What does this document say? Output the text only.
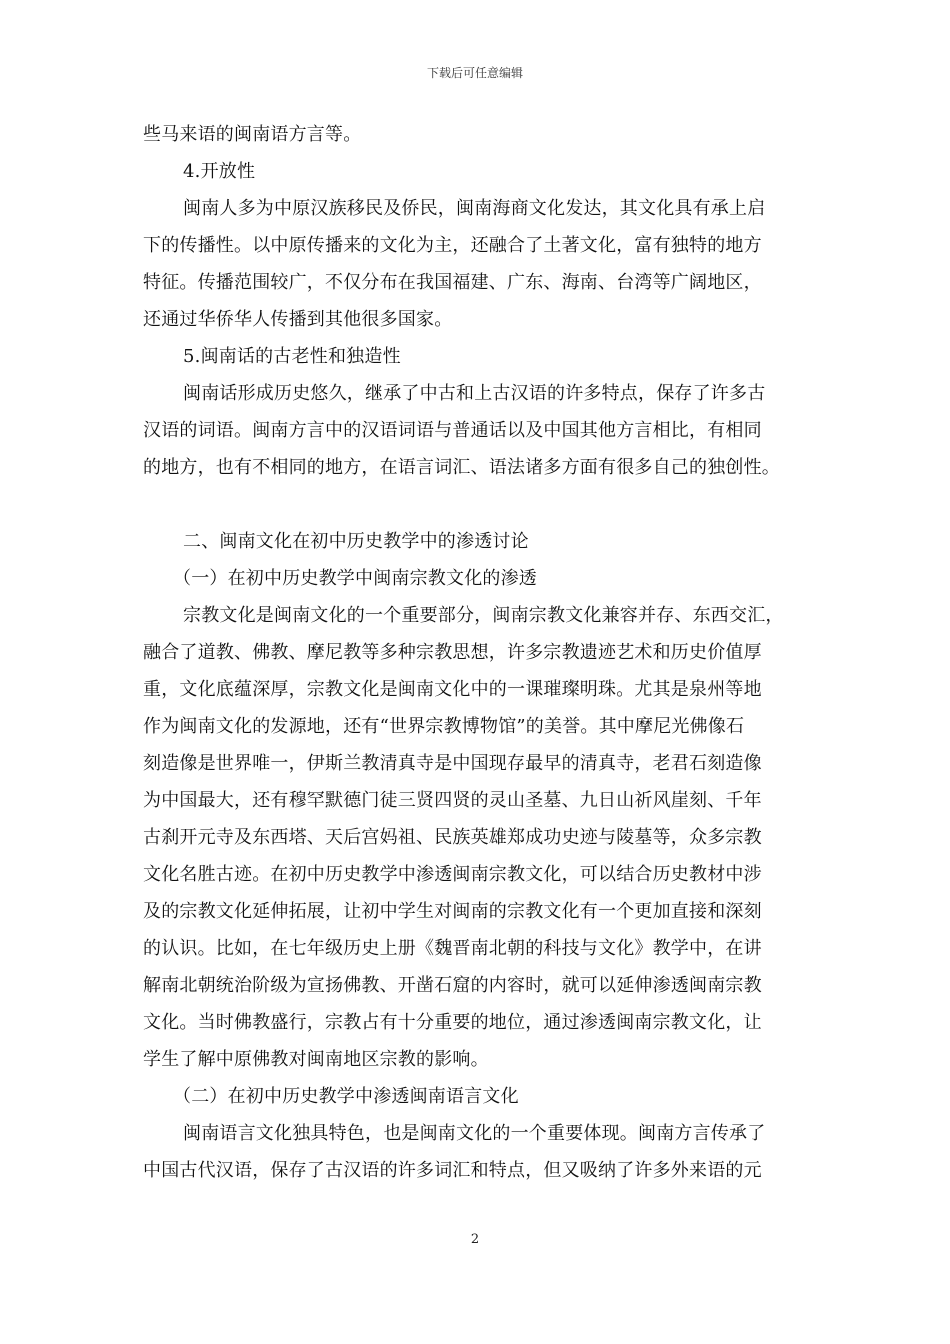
下载后可任意编辑
些马来语的闽南语方言等。
4.开放性
闽南人多为中原汉族移民及侨民，闽南海商文化发达，其文化具有承上启
下的传播性。以中原传播来的文化为主，还融合了土著文化，富有独特的地方
特征。传播范围较广，不仅分布在我国福建、广东、海南、台湾等广阔地区，
还通过华侨华人传播到其他很多国家。
5.闽南话的古老性和独造性
闽南话形成历史悠久，继承了中古和上古汉语的许多特点，保存了许多古
汉语的词语。闽南方言中的汉语词语与普通话以及中国其他方言相比，有相同
的地方，也有不相同的地方，在语言词汇、语法诸多方面有很多自己的独创性。
二、闽南文化在初中历史教学中的渗透讨论
（一）在初中历史教学中闽南宗教文化的渗透
宗教文化是闽南文化的一个重要部分，闽南宗教文化兼容并存、东西交汇，
融合了道教、佛教、摩尼教等多种宗教思想，许多宗教遗迹艺术和历史价值厚
重，文化底蕴深厚，宗教文化是闽南文化中的一课璀璨明珠。尤其是泉州等地
作为闽南文化的发源地，还有“世界宗教博物馆”的美誉。其中摩尼光佛像石
刻造像是世界唯一，伊斯兰教清真寺是中国现存最早的清真寺，老君石刻造像
为中国最大，还有穆罕默德门徒三贤四贤的灵山圣墓、九日山祈风崖刻、千年
古刹开元寺及东西塔、天后宫妈祖、民族英雄郑成功史迹与陵墓等，众多宗教
文化名胜古迹。在初中历史教学中渗透闽南宗教文化，可以结合历史教材中涉
及的宗教文化延伸拓展，让初中学生对闽南的宗教文化有一个更加直接和深刻
的认识。比如，在七年级历史上册《魏晋南北朝的科技与文化》教学中，在讲
解南北朝统治阶级为宣扬佛教、开凿石窟的内容时，就可以延伸渗透闽南宗教
文化。当时佛教盛行，宗教占有十分重要的地位，通过渗透闽南宗教文化，让
学生了解中原佛教对闽南地区宗教的影响。
（二）在初中历史教学中渗透闽南语言文化
闽南语言文化独具特色，也是闽南文化的一个重要体现。闽南方言传承了
中国古代汉语，保存了古汉语的许多词汇和特点，但又吸纳了许多外来语的元
2
